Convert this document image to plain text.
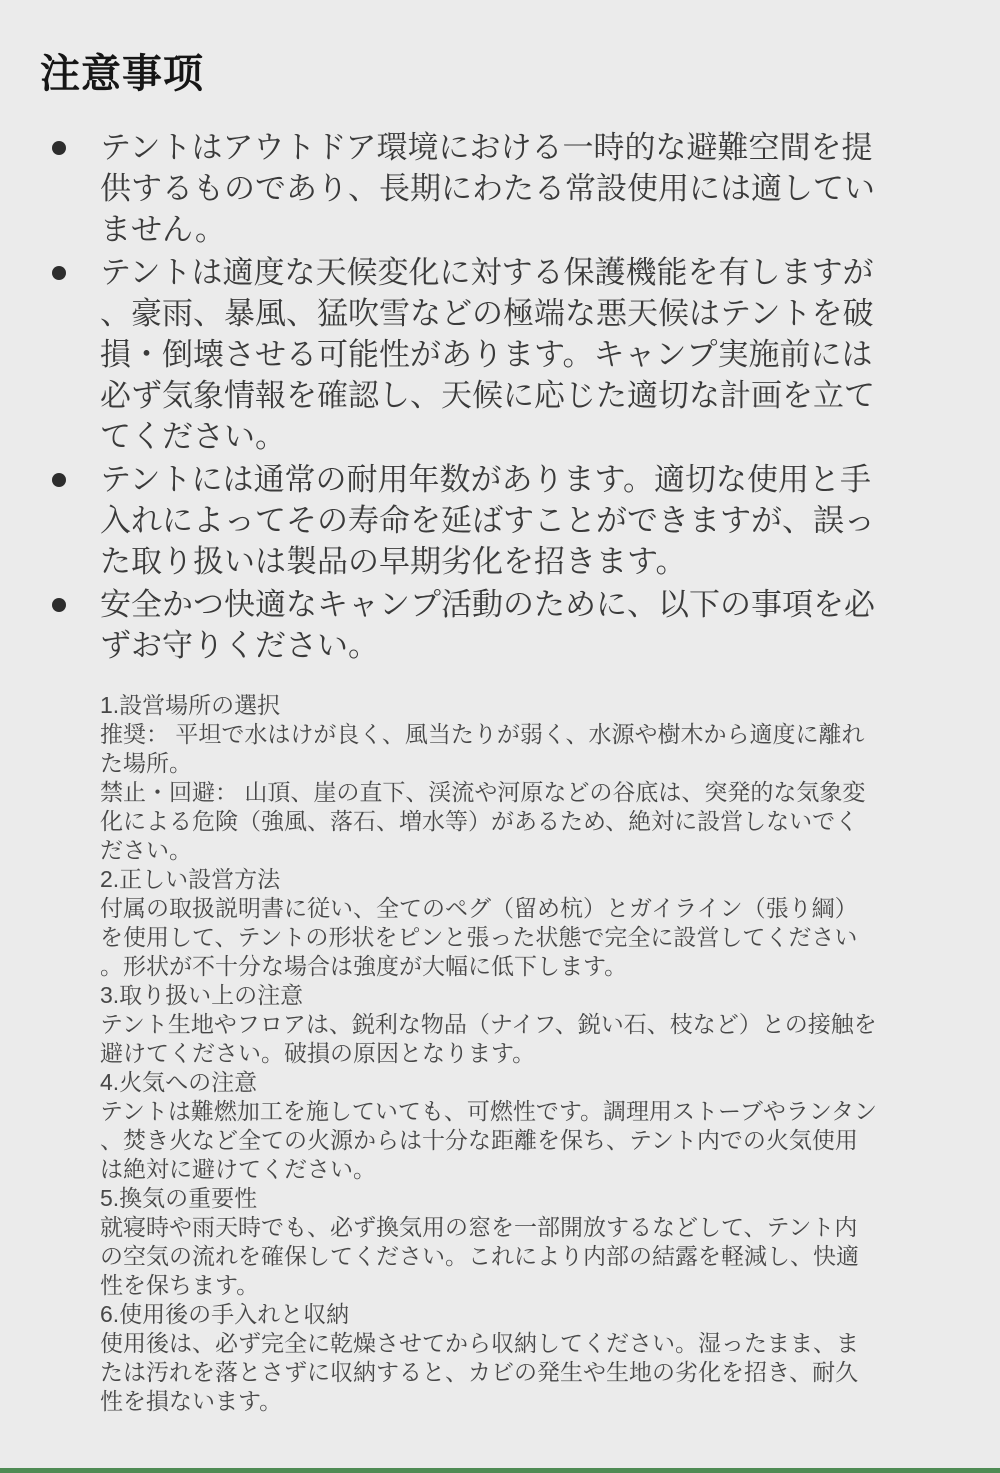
注意事项
テントはアウトドア環境における一時的な避難空間を提供するものであり、長期にわたる常設使用には適していません。
テントは適度な天候変化に対する保護機能を有しますが、豪雨、暴風、猛吹雪などの極端な悪天候はテントを破損・倒壊させる可能性があります。キャンプ実施前には必ず気象情報を確認し、天候に応じた適切な計画を立ててください。
テントには通常の耐用年数があります。適切な使用と手入れによってその寿命を延ばすことができますが、誤った取り扱いは製品の早期劣化を招きます。
安全かつ快適なキャンプ活動のために、以下の事項を必ずお守りください。
1.設営場所の選択
推奨： 平坦で水はけが良く、風当たりが弱く、水源や樹木から適度に離れた場所。
禁止・回避： 山頂、崖の直下、渓流や河原などの谷底は、突発的な気象変化による危険（強風、落石、増水等）があるため、絶対に設営しないでください。
2.正しい設営方法
付属の取扱説明書に従い、全てのペグ（留め杭）とガイライン（張り綱）を使用して、テントの形状をピンと張った状態で完全に設営してください。形状が不十分な場合は強度が大幅に低下します。
3.取り扱い上の注意
テント生地やフロアは、鋭利な物品（ナイフ、鋭い石、枝など）との接触を避けてください。破損の原因となります。
4.火気への注意
テントは難燃加工を施していても、可燃性です。調理用ストーブやランタン、焚き火など全ての火源からは十分な距離を保ち、テント内での火気使用は絶対に避けてください。
5.換気の重要性
就寝時や雨天時でも、必ず換気用の窓を一部開放するなどして、テント内の空気の流れを確保してください。これにより内部の結露を軽減し、快適性を保ちます。
6.使用後の手入れと収納
使用後は、必ず完全に乾燥させてから収納してください。湿ったまま、または汚れを落とさずに収納すると、カビの発生や生地の劣化を招き、耐久性を損ないます。
